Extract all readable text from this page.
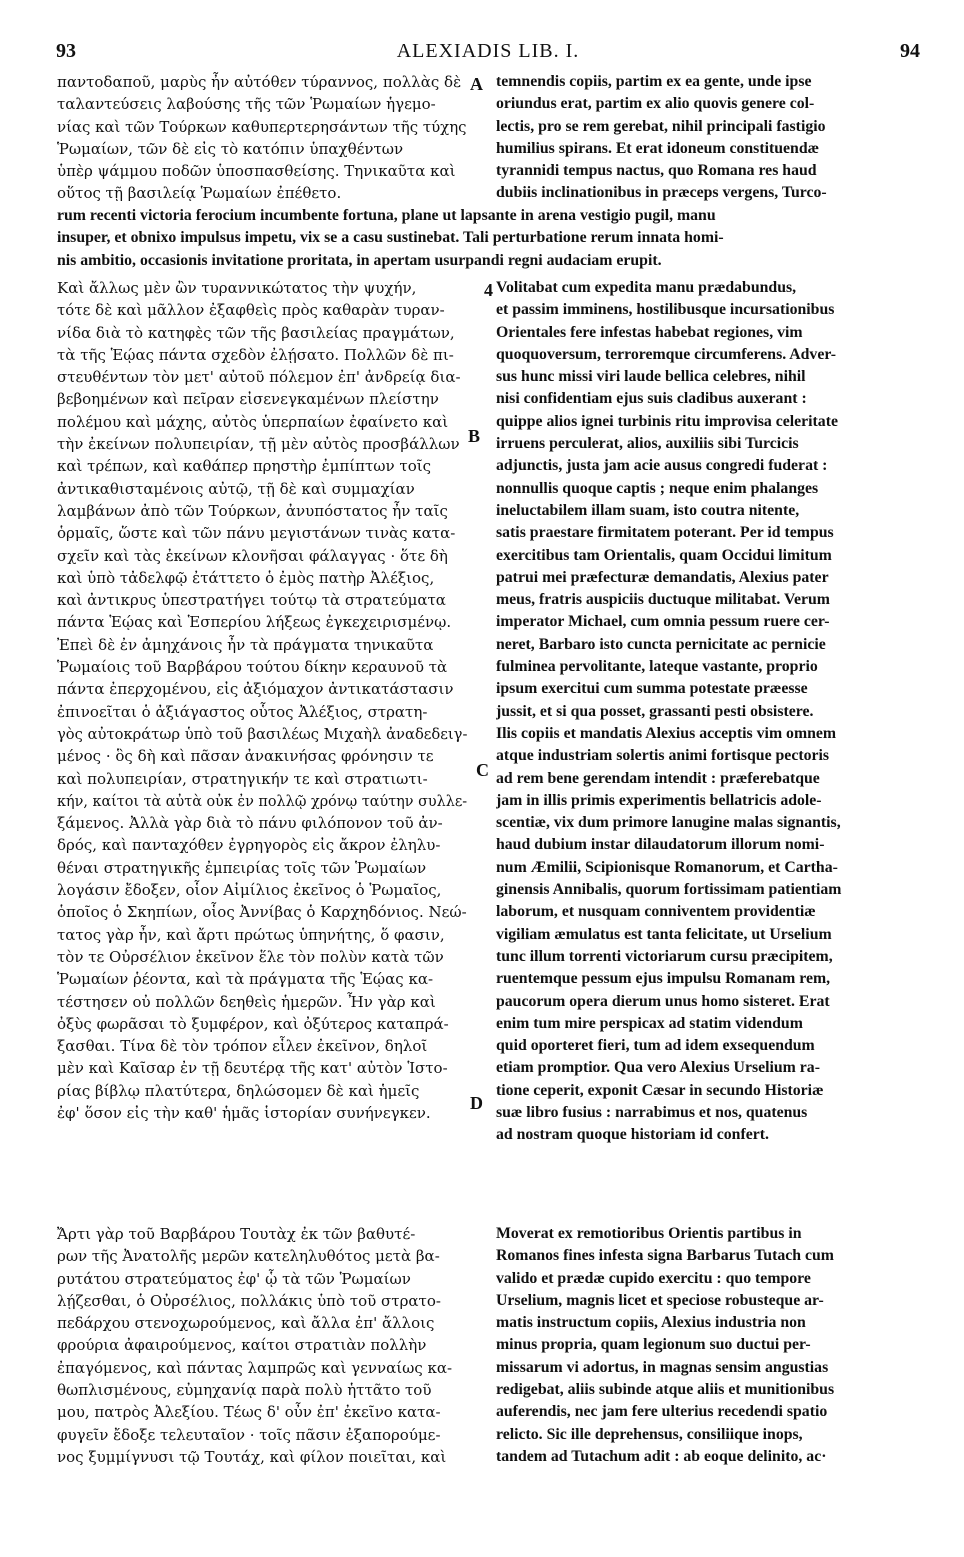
93	ALEXIADIS LIB. I.	94
παντοδαποῦ, μαρὺς ἦν αὐτόθεν τύραννος, πολλὰς δὲ
ταλαντεύσεις λαβούσης τῆς τῶν Ῥωμαίων ἡγεμο-
νίας καὶ τῶν Τούρκων καθυπερτερησάντων τῆς τύχης
Ῥωμαίων, τῶν δὲ εἰς τὸ κατόπιν ὑπαχθέντων
ὑπὲρ ψάμμου ποδῶν ὑποσπασθείσης. Τηνικαῦτα καὶ
οὕτος τῇ βασιλείᾳ Ῥωμαίων ἐπέθετο.
temnendis copiis, partim ex ea gente, unde ipse
oriundus erat, partim ex alio quovis genere col-
lectis, pro se rem gerebat, nihil principali fastigio
humilius spirans. Et erat idoneum constituendæ
tyrannidi tempus nactus, quo Romana res haud
dubiis inclinationibus in præceps vergens, Turco-
rum recenti victoria ferocium incumbente fortuna, plane ut lapsante in arena vestigio pugil, manu
insuper, et obnixo impulsus impetu, vix se a casu sustinebat. Tali perturbatione rerum innata homi-
nis ambitio, occasionis invitatione proritata, in apertam usurpandi regni audaciam erupit.
Καὶ ἄλλως μὲν ὢν τυραννικώτατος τὴν ψυχήν,
τότε δὲ καὶ μᾶλλον ἐξαφθεὶς πρὸς καθαρὰν τυραν-
νίδα διὰ τὸ κατηφὲς τῶν τῆς βασιλείας πραγμάτων,
τὰ τῆς Ἑῴας πάντα σχεδὸν ἐλῄσατο. Πολλῶν δὲ πι-
στευθέντων τὸν μετ' αὐτοῦ πόλεμον ἐπ' ἀνδρείᾳ δια-
βεβοημένων καὶ πεῖραν εἰσενεγκαμένων πλείστην
πολέμου καὶ μάχης, αὐτὸς ὑπερπαίων ἐφαίνετο καὶ
τὴν ἐκείνων πολυπειρίαν, τῇ μὲν αὐτὸς προσβάλλων
καὶ τρέπων, καὶ καθάπερ πρηστὴρ ἐμπίπτων τοῖς
ἀντικαθισταμένοις αὐτῷ, τῇ δὲ καὶ συμμαχίαν
λαμβάνων ἀπὸ τῶν Τούρκων, ἀνυπόστατος ἦν ταῖς
ὁρμαῖς, ὥστε καὶ τῶν πάνυ μεγιστάνων τινὰς κατα-
σχεῖν καὶ τὰς ἐκείνων κλονῆσαι φάλαγγας · ὅτε δὴ
καὶ ὑπὸ τἀδελφῷ ἐτάττετο ὁ ἐμὸς πατὴρ Ἀλέξιος,
καὶ ἀντικρυς ὑπεστρατήγει τούτῳ τὰ στρατεύματα
πάντα Ἑῴας καὶ Ἑσπερίου λήξεως ἐγκεχειρισμένῳ.
Ἐπεὶ δὲ ἐν ἀμηχάνοις ἦν τὰ πράγματα τηνικαῦτα
Ῥωμαίοις τοῦ Βαρβάρου τούτου δίκην κεραυνοῦ τὰ
πάντα ἐπερχομένου, εἰς ἀξιόμαχον ἀντικατάστασιν
ἐπινοεῖται ὁ ἀξιάγαστος οὗτος Ἀλέξιος, στρατη-
γὸς αὐτοκράτωρ ὑπὸ τοῦ βασιλέως Μιχαὴλ ἀναδεδειγ-
μένος · ὃς δὴ καὶ πᾶσαν ἀνακινήσας φρόνησιν τε
καὶ πολυπειρίαν, στρατηγικήν τε καὶ στρατιωτι-
κήν, καίτοι τὰ αὐτὰ οὐκ ἐν πολλῷ χρόνῳ ταύτην συλλε-
ξάμενος. Ἀλλὰ γὰρ διὰ τὸ πάνυ φιλόπονον τοῦ ἀν-
δρός, καὶ πανταχόθεν ἐγρηγορὸς εἰς ἄκρον ἐληλυ-
θέναι στρατηγικῆς ἐμπειρίας τοῖς τῶν Ῥωμαίων
λογάσιν ἔδοξεν, οἷον Αἰμίλιος ἐκεῖνος ὁ Ῥωμαῖος,
ὁποῖος ὁ Σκηπίων, οἷος Ἀννίβας ὁ Καρχηδόνιος. Νεώ-
τατος γὰρ ἦν, καὶ ἄρτι πρώτως ὑπηνήτης, ὅ φασιν,
τὸν τε Οὐρσέλιον ἐκεῖνον ἕλε τὸν πολὺν κατὰ τῶν
Ῥωμαίων ῥέοντα, καὶ τὰ πράγματα τῆς Ἑῴας κα-
τέστησεν οὐ πολλῶν δεηθεὶς ἡμερῶν. Ἦν γὰρ καὶ
ὀξὺς φωρᾶσαι τὸ ξυμφέρον, καὶ ὀξύτερος καταπρά-
ξασθαι. Τίνα δὲ τὸν τρόπον εἷλεν ἐκεῖνον, δηλοῖ
μὲν καὶ Καῖσαρ ἐν τῇ δευτέρᾳ τῆς κατ' αὐτὸν Ἱστο-
ρίας βίβλῳ πλατύτερα, δηλώσομεν δὲ καὶ ἡμεῖς
ἐφ' ὅσον εἰς τὴν καθ' ἡμᾶς ἱστορίαν συνήνεγκεν.
Volitabat cum expedita manu prædabundus,
et passim imminens, hostilibusque incursationibus
Orientales fere infestas habebat regiones, vim
quoquoversum, terroremque circumferens. Adver-
sus hunc missi viri laude bellica celebres, nihil
nisi confidentiam ejus suis cladibus auxerant :
quippe alios ignei turbinis ritu improvisa celeritate
irruens perculerat, alios, auxiliis sibi Turcicis
adjunctis, justa jam acie ausus congredi fuderat :
nonnullis quoque captis ; neque enim phalanges
ineluctabilem illam suam, isto coutra nitente,
satis praestare firmitatem poterant. Per id tempus
exercitibus tam Orientalis, quam Occidui limitum
patrui mei præfecturæ demandatis, Alexius pater
meus, fratris auspiciis ductuque militabat. Verum
imperator Michael, cum omnia pessum ruere cer-
neret, Barbaro isto cuncta pernicitate ac pernicie
fulminea pervolitante, lateque vastante, proprio
ipsum exercitui cum summa potestate præesse
jussit, et si qua posset, grassanti pesti obsistere.
Ilis copiis et mandatis Alexius acceptis vim omnem
atque industriam solertis animi fortisque pectoris
ad rem bene gerendam intendit : præferebatque
jam in illis primis experimentis bellatricis adole-
scentiæ, vix dum primore lanugine malas signantis,
haud dubium instar dilaudatorum illorum nomi-
num Æmilii, Scipionisque Romanorum, et Cartha-
ginensis Annibalis, quorum fortissimam patientiam
laborum, et nusquam conniventem providentiæ
vigiliam æmulatus est tanta felicitate, ut Urselium
tunc illum torrenti victoriarum cursu præcipitem,
ruentemque pessum ejus impulsu Romanam rem,
paucorum opera dierum unus homo sisteret. Erat
enim tum mire perspicax ad statim videndum
quid oporteret fieri, tum ad idem exsequendum
etiam promptior. Qua vero Alexius Urselium ra-
tione ceperit, exponit Cæsar in secundo Historiæ
suæ libro fusius : narrabimus et nos, quatenus
ad nostram quoque historiam id confert.
Ἄρτι γὰρ τοῦ Βαρβάρου Τουτὰχ ἐκ τῶν βαθυτέ-
ρων τῆς Ἀνατολῆς μερῶν κατεληλυθότος μετὰ βα-
ρυτάτου στρατεύματος ἐφ' ᾧ τὰ τῶν Ῥωμαίων
λῄζεσθαι, ὁ Οὐρσέλιος, πολλάκις ὑπὸ τοῦ στρατο-
πεδάρχου στενοχωρούμενος, καὶ ἄλλα ἐπ' ἄλλοις
φρούρια ἀφαιρούμενος, καίτοι στρατιὰν πολλὴν
ἐπαγόμενος, καὶ πάντας λαμπρῶς καὶ γενναίως κα-
θωπλισμένους, εὐμηχανίᾳ παρὰ πολὺ ἡττᾶτο τοῦ
μου, πατρὸς Ἀλεξίου. Τέως δ' οὖν ἐπ' ἐκεῖνο κατα-
φυγεῖν ἔδοξε τελευταῖον · τοῖς πᾶσιν ἐξαπορούμε-
νος ξυμμίγνυσι τῷ Τουτάχ, καὶ φίλον ποιεῖται, καὶ
Moverat ex remotioribus Orientis partibus in
Romanos fines infesta signa Barbarus Tutach cum
valido et prædæ cupido exercitu : quo tempore
Urselium, magnis licet et speciose robusteque ar-
matis instructum copiis, Alexius industria non
minus propria, quam legionum suo ductui per-
missarum vi adortus, in magnas sensim angustias
redigebat, aliis subinde atque aliis et munitionibus
auferendis, nec jam fere ulterius recedendi spatio
relicto. Sic ille deprehensus, consiliique inops,
tandem ad Tutachum adit : ab eoque delinitο, ac·
A
B
C
D
4
